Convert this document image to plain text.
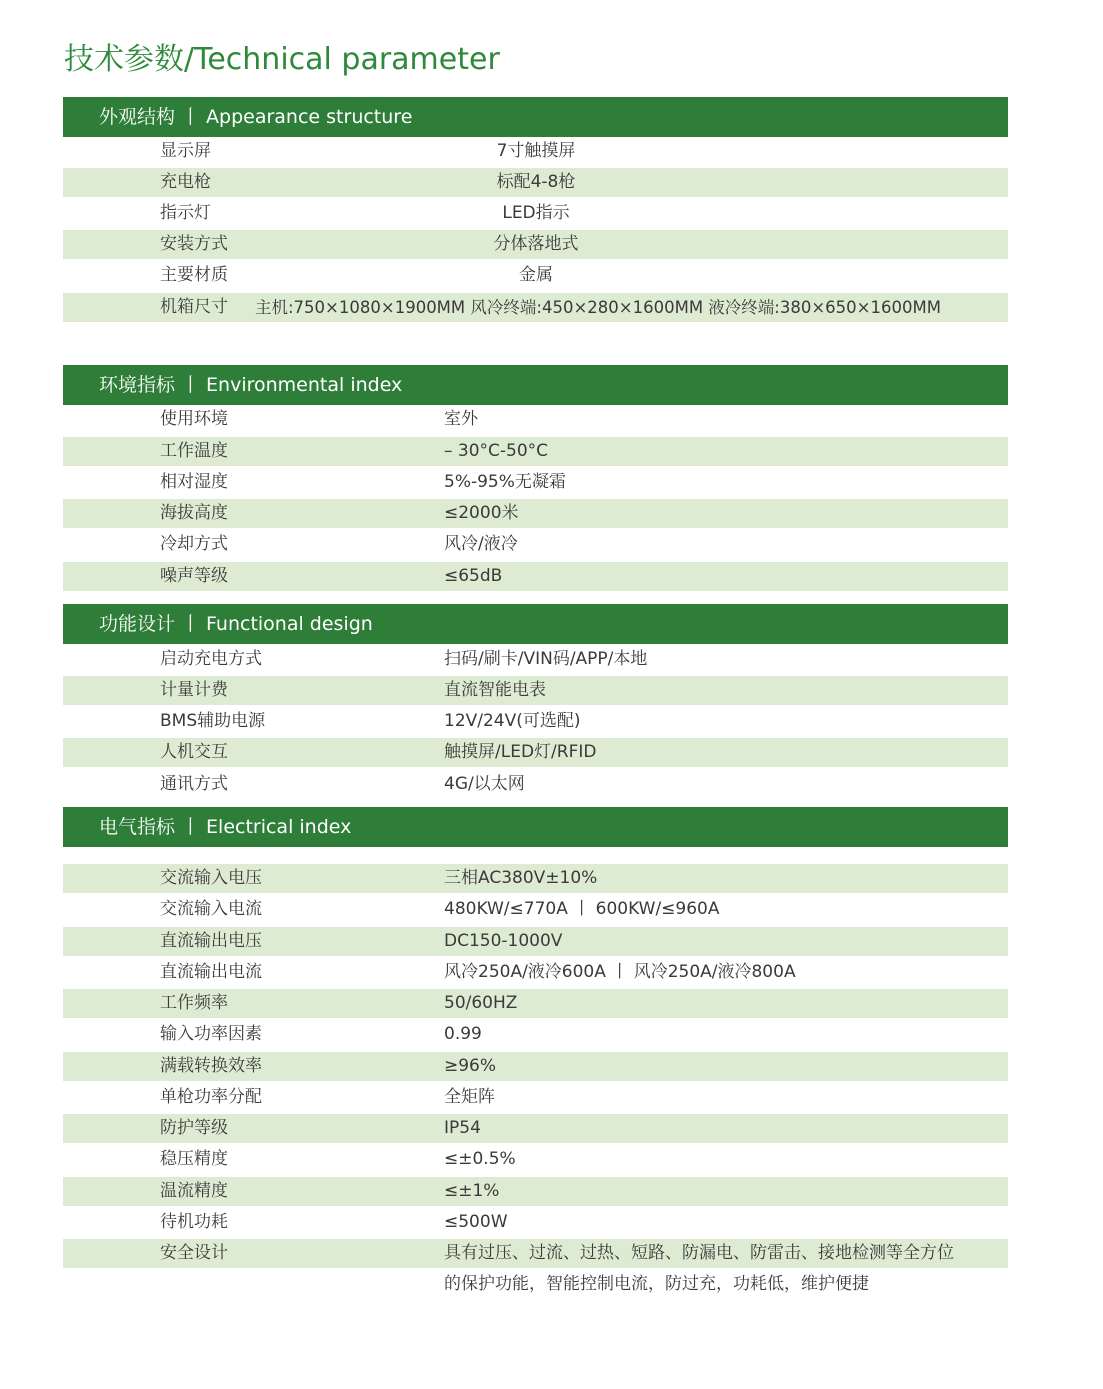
技术参数/Technical parameter
外观结构 丨 Appearance structure
显示屏	7寸触摸屏
充电枪	标配4-8枪
指示灯	LED指示
安装方式	分体落地式
主要材质	金属
机箱尺寸 主机:750×1080×1900MM 风冷终端:450×280×1600MM 液冷终端:380×650×1600MM
环境指标 丨 Environmental index
使用环境	室外
工作温度	– 30°C-50°C
相对湿度	5%-95%无凝霜
海拔高度	≤2000米
冷却方式	风冷/液冷
噪声等级	≤65dB
功能设计 丨 Functional design
启动充电方式	扫码/刷卡/VIN码/APP/本地
计量计费	直流智能电表
BMS辅助电源	12V/24V(可选配)
人机交互	触摸屏/LED灯/RFID
通讯方式	4G/以太网
电气指标 丨 Electrical index
交流输入电压	三相AC380V±10%
交流输入电流	480KW/≤770A 丨 600KW/≤960A
直流输出电压	DC150-1000V
直流输出电流	风冷250A/液冷600A 丨 风冷250A/液冷800A
工作频率	50/60HZ
输入功率因素	0.99
满载转换效率	≥96%
单枪功率分配	全矩阵
防护等级	IP54
稳压精度	≤±0.5%
温流精度	≤±1%
待机功耗	≤500W
安全设计	具有过压、过流、过热、短路、防漏电、防雷击、接地检测等全方位
的保护功能，智能控制电流，防过充，功耗低，维护便捷
